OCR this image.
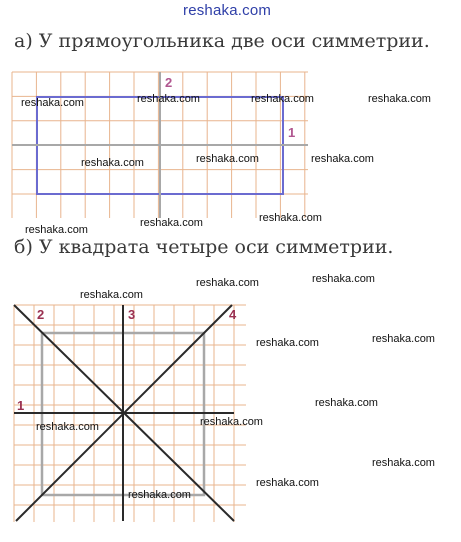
reshaka.com
а) У прямоугольника две оси симметрии.
1
2
б) У квадрата четыре оси симметрии.
1
2	3	4
reshaka.com	reshaka.com	reshaka.com	reshaka.com
reshaka.com	reshaka.com	reshaka.com
reshaka.com
reshaka.com	reshaka.com
reshaka.com
reshaka.com
reshaka.com
reshaka.com
reshaka.com
reshaka.com
reshaka.com	reshaka.com
reshaka.com
reshaka.com
reshaka.com
